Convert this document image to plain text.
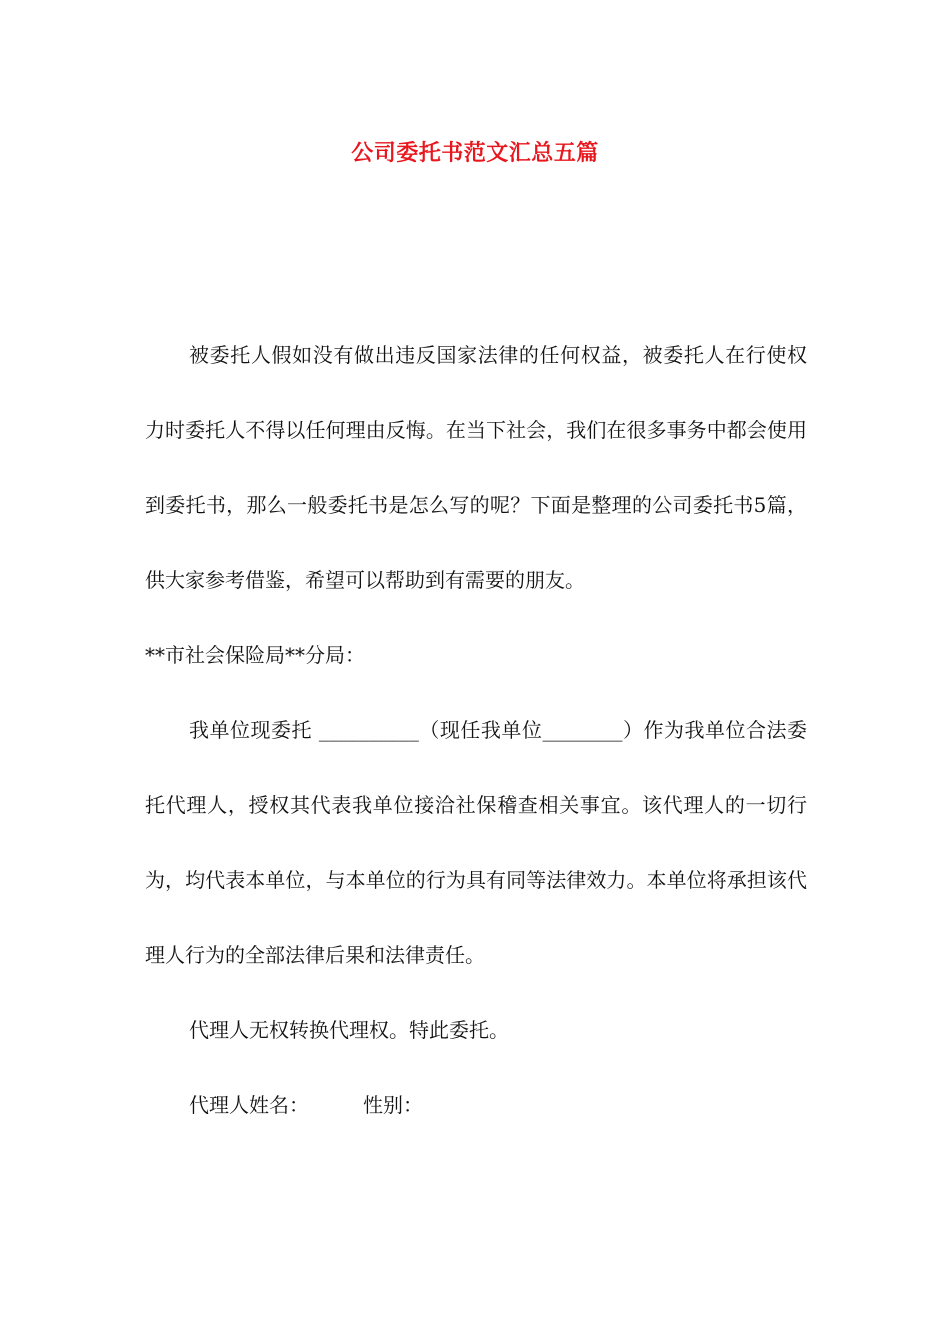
公司委托书范文汇总五篇

被委托人假如没有做出违反国家法律的任何权益，被委托人在行使权力时委托人不得以任何理由反悔。在当下社会，我们在很多事务中都会使用到委托书，那么一般委托书是怎么写的呢？下面是整理的公司委托书5篇，供大家参考借鉴，希望可以帮助到有需要的朋友。

**市社会保险局**分局：

我单位现委托 __________（现任我单位________）作为我单位合法委托代理人，授权其代表我单位接洽社保稽查相关事宜。该代理人的一切行为，均代表本单位，与本单位的行为具有同等法律效力。本单位将承担该代理人行为的全部法律后果和法律责任。

代理人无权转换代理权。特此委托。

代理人姓名：	性别：
